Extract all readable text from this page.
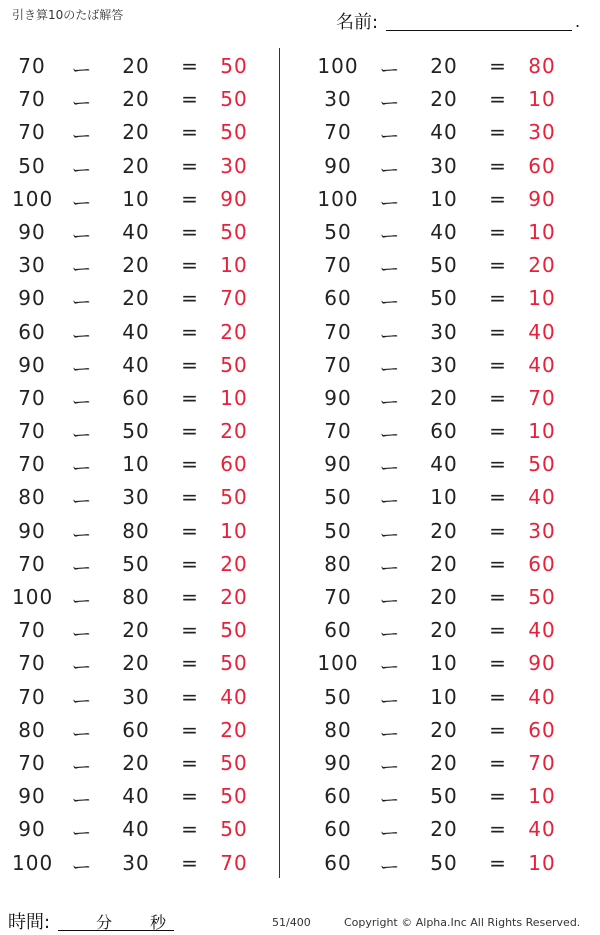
引き算10のたば解答	名前:	.
70	ー 20 = 50
70	ー 20 = 50
70	ー 20 = 50
50	ー 20 = 30
100 ー 10 = 90
90	ー 40 = 50
30	ー 20 = 10
90	ー 20 = 70
60	ー 40 = 20
90	ー 40 = 50
70	ー 60 = 10
70	ー 50 = 20
70	ー 10 = 60
80	ー 30 = 50
90	ー 80 = 10
70	ー 50 = 20
100 ー 80 = 20
70	ー 20 = 50
70	ー 20 = 50
70	ー 30 = 40
80	ー 60 = 20
70	ー 20 = 50
90	ー 40 = 50
90	ー 40 = 50
100 ー 30 = 70
100 ー 20 = 80
30	ー 20 = 10
70	ー 40 = 30
90	ー 30 = 60
100 ー 10 = 90
50	ー 40 = 10
70	ー 50 = 20
60	ー 50 = 10
70	ー 30 = 40
70	ー 30 = 40
90	ー 20 = 70
70	ー 60 = 10
90	ー 40 = 50
50	ー 10 = 40
50	ー 20 = 30
80	ー 20 = 60
70	ー 20 = 50
60	ー 20 = 40
100 ー 10 = 90
50	ー 10 = 40
80	ー 20 = 60
90	ー 20 = 70
60	ー 50 = 10
60	ー 20 = 40
60	ー 50 = 10
時間:	分 秒	51/400	Copyright © Alpha.Inc All Rights Reserved.
